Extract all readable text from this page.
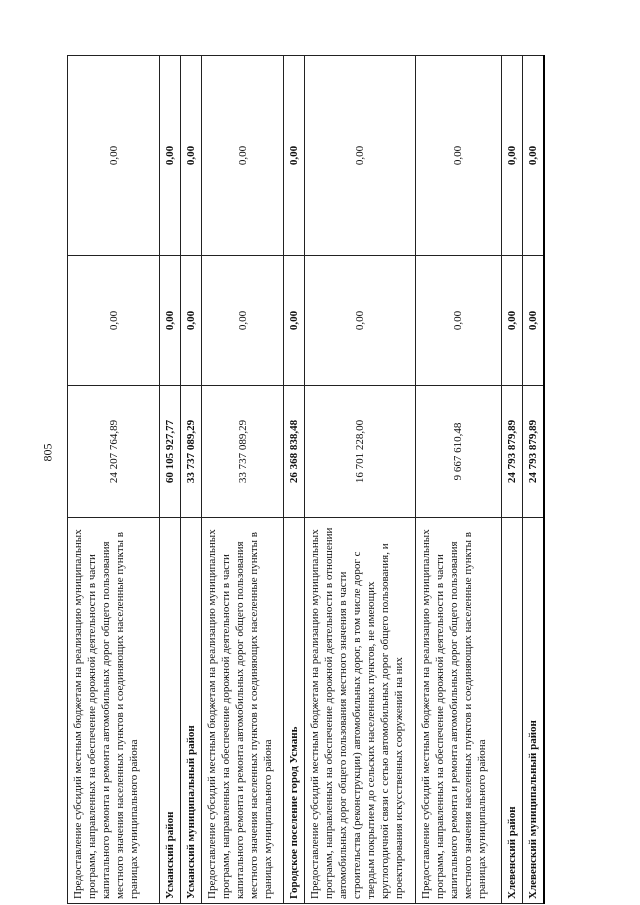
805
Предоставление субсидий местным бюджетам на реализацию муниципальных программ, направленных на обеспечение дорожной деятельности в части капитального ремонта и ремонта автомобильных дорог общего пользования местного значения населенных пунктов и соединяющих населенные пункты в границах муниципального района	24 207 764,89	0,00	0,00
Усманский район	60 105 927,77	0,00	0,00
Усманский муниципальный район	33 737 089,29	0,00	0,00
Предоставление субсидий местным бюджетам на реализацию муниципальных программ, направленных на обеспечение дорожной деятельности в части капитального ремонта и ремонта автомобильных дорог общего пользования местного значения населенных пунктов и соединяющих населенные пункты в границах муниципального района	33 737 089,29	0,00	0,00
Городское поселение город Усмань	26 368 838,48	0,00	0,00
Предоставление субсидий местным бюджетам на реализацию муниципальных программ, направленных на обеспечение дорожной деятельности в отношении автомобильных дорог общего пользования местного значения в части строительства (реконструкции) автомобильных дорог, в том числе дорог с твердым покрытием до сельских населенных пунктов, не имеющих круглогодичной связи с сетью автомобильных дорог общего пользования, и проектирования искусственных сооружений на них	16 701 228,00	0,00	0,00
Предоставление субсидий местным бюджетам на реализацию муниципальных программ, направленных на обеспечение дорожной деятельности в части капитального ремонта и ремонта автомобильных дорог общего пользования местного значения населенных пунктов и соединяющих населенные пункты в границах муниципального района	9 667 610,48	0,00	0,00
Хлевенский район	24 793 879,89	0,00	0,00
Хлевенский муниципальный район	24 793 879,89	0,00	0,00
